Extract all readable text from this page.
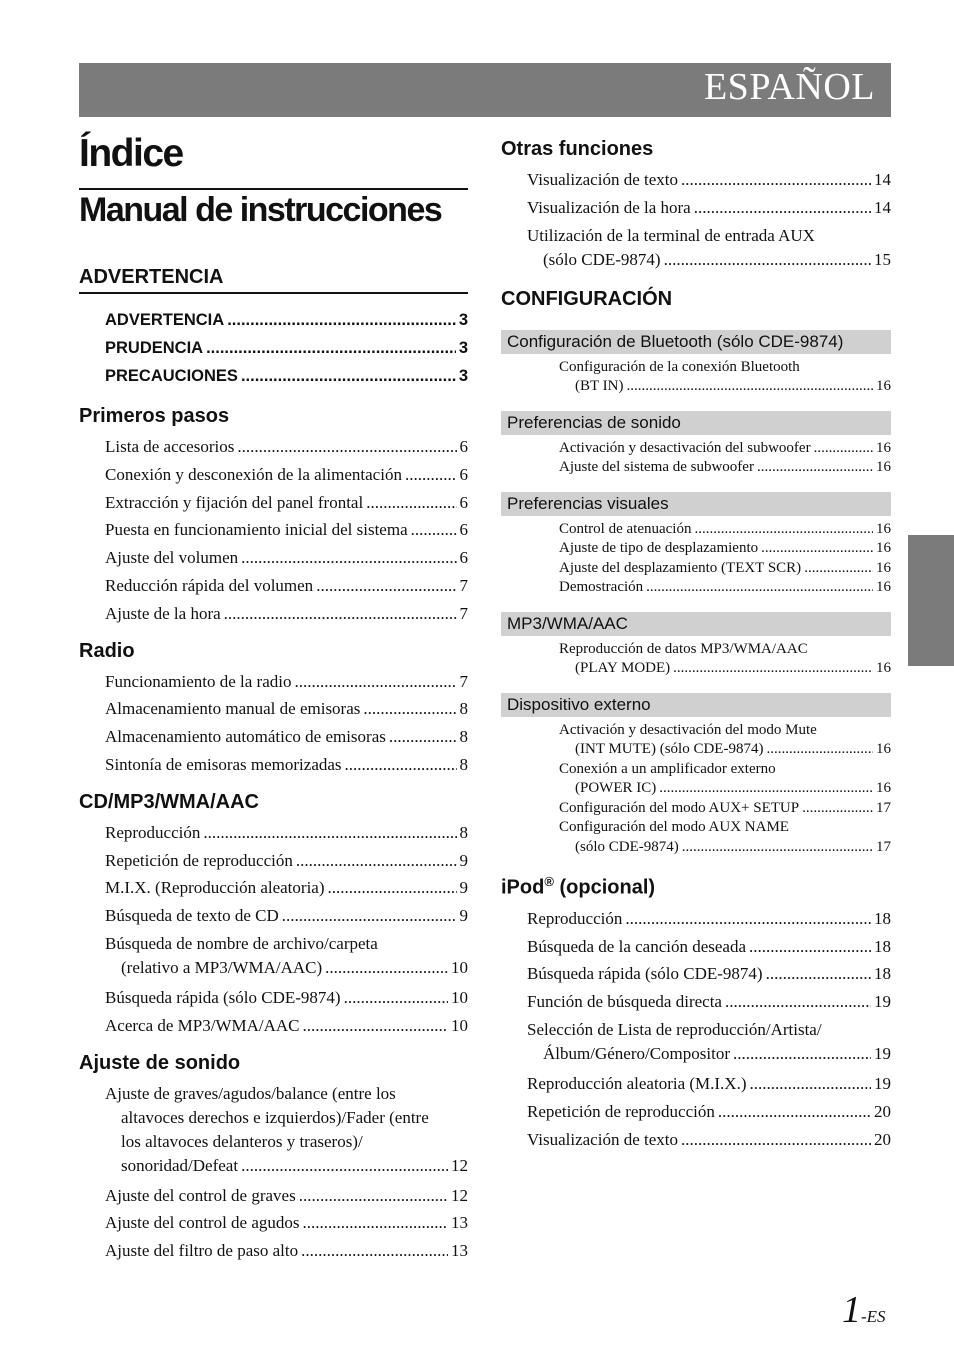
ESPAÑOL
Índice
Manual de instrucciones
ADVERTENCIA
ADVERTENCIA .....	3
PRUDENCIA .....	3
PRECAUCIONES .....	3
Primeros pasos
Lista de accesorios .....	6
Conexión y desconexión de la alimentación .....	6
Extracción y fijación del panel frontal .....	6
Puesta en funcionamiento inicial del sistema .....	6
Ajuste del volumen .....	6
Reducción rápida del volumen .....	7
Ajuste de la hora .....	7
Radio
Funcionamiento de la radio .....	7
Almacenamiento manual de emisoras .....	8
Almacenamiento automático de emisoras .....	8
Sintonía de emisoras memorizadas .....	8
CD/MP3/WMA/AAC
Reproducción .....	8
Repetición de reproducción .....	9
M.I.X. (Reproducción aleatoria) .....	9
Búsqueda de texto de CD .....	9
Búsqueda de nombre de archivo/carpeta
(relativo a MP3/WMA/AAC) .....	10
Búsqueda rápida (sólo CDE-9874) .....	10
Acerca de MP3/WMA/AAC .....	10
Ajuste de sonido
Ajuste de graves/agudos/balance (entre los
altavoces derechos e izquierdos)/Fader (entre
los altavoces delanteros y traseros)/
sonoridad/Defeat .....	12
Ajuste del control de graves .....	12
Ajuste del control de agudos .....	13
Ajuste del filtro de paso alto .....	13
Otras funciones
Visualización de texto .....	14
Visualización de la hora .....	14
Utilización de la terminal de entrada AUX
(sólo CDE-9874) .....	15
CONFIGURACIÓN
Configuración de Bluetooth (sólo CDE-9874)
Configuración de la conexión Bluetooth
(BT IN) .....	16
Preferencias de sonido
Activación y desactivación del subwoofer .....	16
Ajuste del sistema de subwoofer .....	16
Preferencias visuales
Control de atenuación .....	16
Ajuste de tipo de desplazamiento .....	16
Ajuste del desplazamiento (TEXT SCR) .....	16
Demostración .....	16
MP3/WMA/AAC
Reproducción de datos MP3/WMA/AAC
(PLAY MODE) .....	16
Dispositivo externo
Activación y desactivación del modo Mute
(INT MUTE) (sólo CDE-9874) .....	16
Conexión a un amplificador externo
(POWER IC) .....	16
Configuración del modo AUX+ SETUP .....	17
Configuración del modo AUX NAME
(sólo CDE-9874) .....	17
iPod® (opcional)
Reproducción .....	18
Búsqueda de la canción deseada .....	18
Búsqueda rápida (sólo CDE-9874) .....	18
Función de búsqueda directa .....	19
Selección de Lista de reproducción/Artista/
Álbum/Género/Compositor .....	19
Reproducción aleatoria (M.I.X.) .....	19
Repetición de reproducción .....	20
Visualización de texto .....	20
1-ES
